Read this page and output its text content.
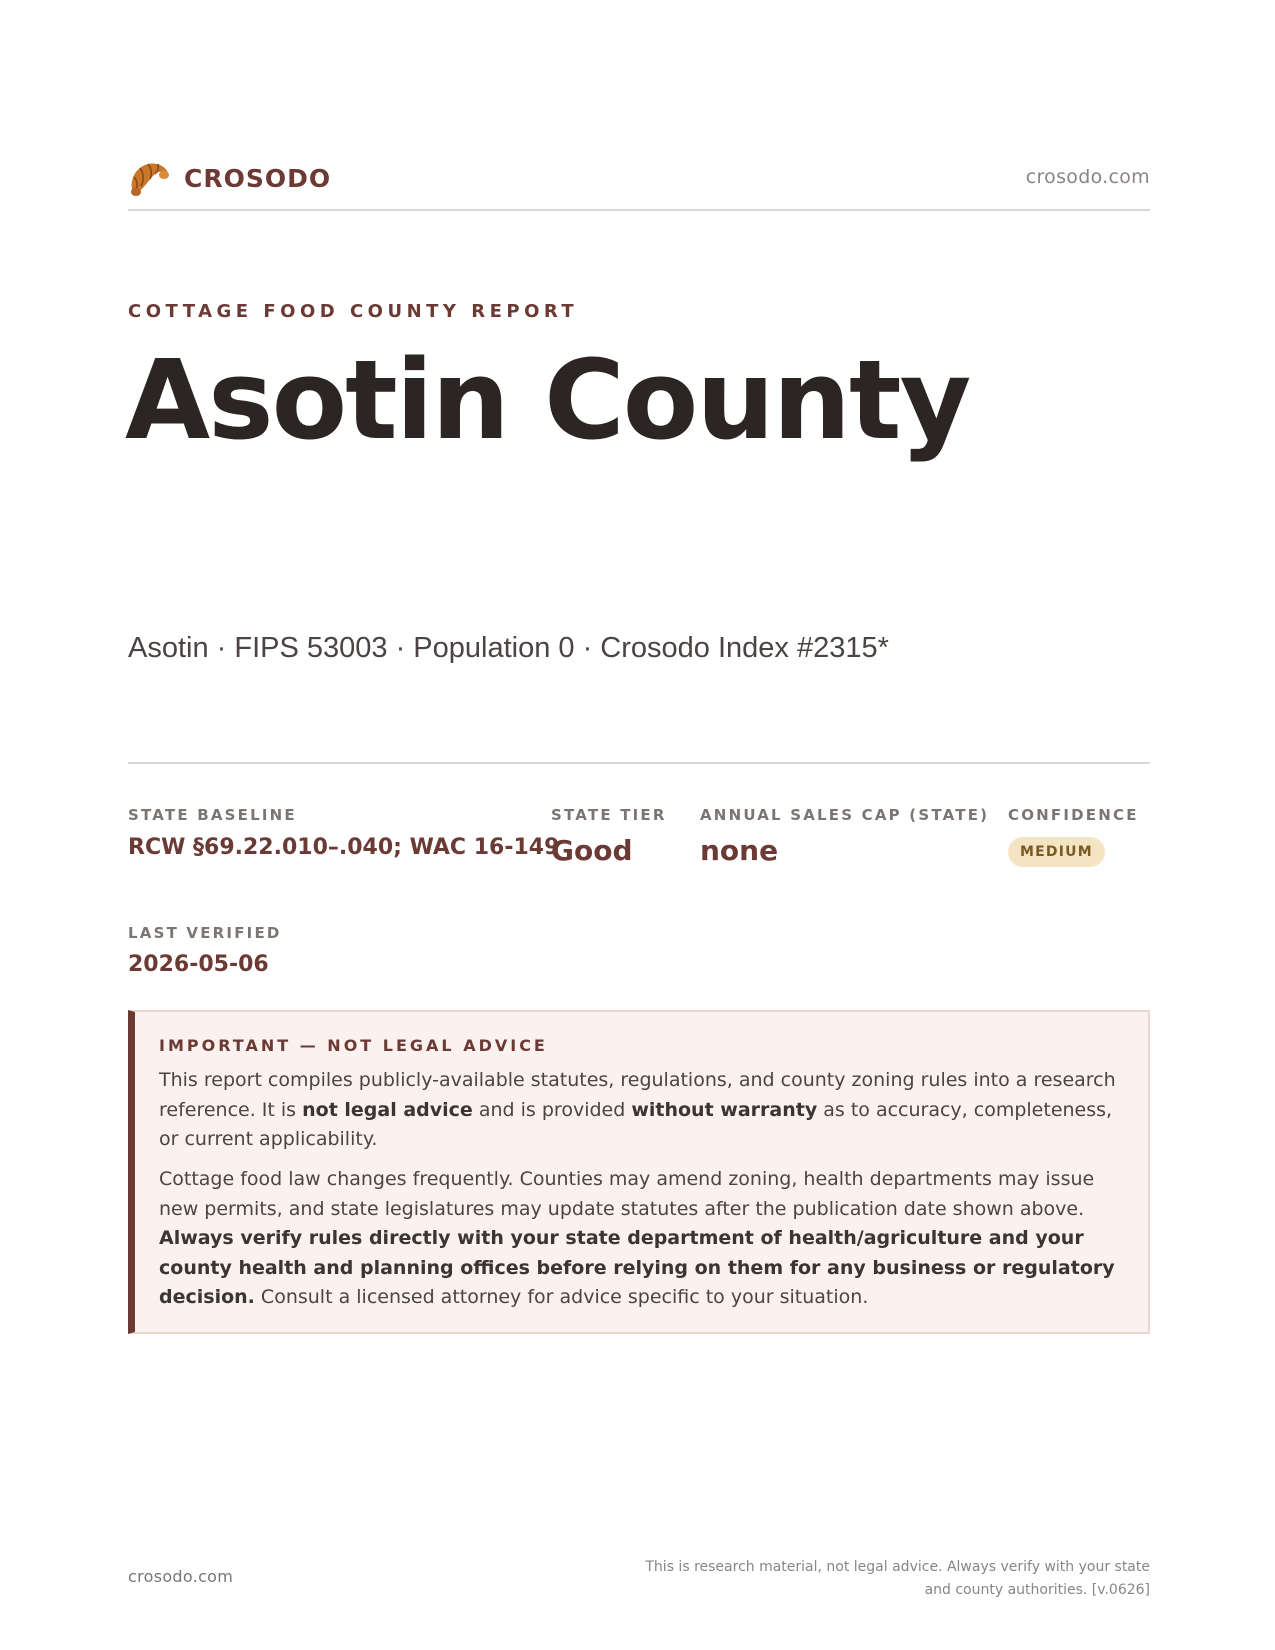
CROSODO	crosodo.com
COTTAGE FOOD COUNTY REPORT
Asotin County
Asotin · FIPS 53003 · Population 0 · Crosodo Index #2315*
STATE BASELINE
RCW §69.22.010–.040; WAC 16-149
STATE TIER
Good
ANNUAL SALES CAP (STATE)
none
CONFIDENCE
MEDIUM
LAST VERIFIED
2026-05-06
IMPORTANT — NOT LEGAL ADVICE

This report compiles publicly-available statutes, regulations, and county zoning rules into a research reference. It is not legal advice and is provided without warranty as to accuracy, completeness, or current applicability.

Cottage food law changes frequently. Counties may amend zoning, health departments may issue new permits, and state legislatures may update statutes after the publication date shown above. Always verify rules directly with your state department of health/agriculture and your county health and planning offices before relying on them for any business or regulatory decision. Consult a licensed attorney for advice specific to your situation.

crosodo.com	This is research material, not legal advice. Always verify with your state and county authorities. [v.0626]
